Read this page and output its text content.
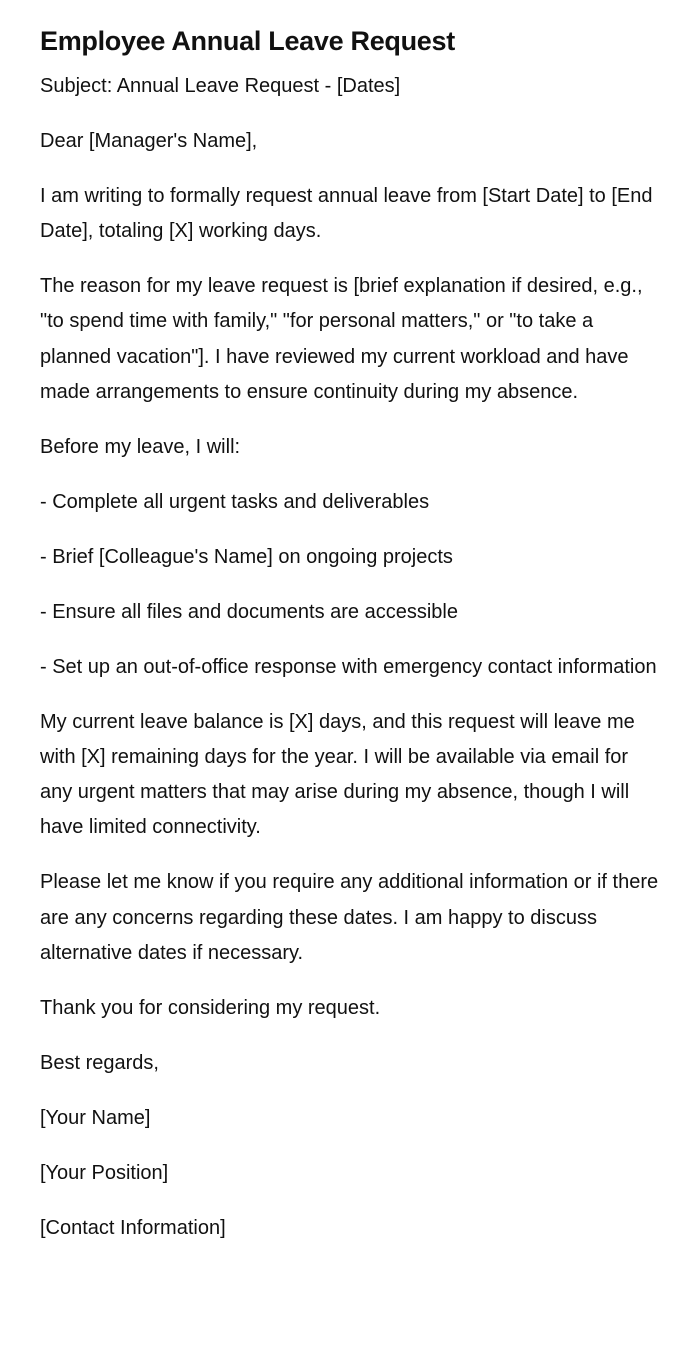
Employee Annual Leave Request
Subject: Annual Leave Request - [Dates]
Dear [Manager's Name],
I am writing to formally request annual leave from [Start Date] to [End Date], totaling [X] working days.
The reason for my leave request is [brief explanation if desired, e.g., "to spend time with family," "for personal matters," or "to take a planned vacation"]. I have reviewed my current workload and have made arrangements to ensure continuity during my absence.
Before my leave, I will:
- Complete all urgent tasks and deliverables
- Brief [Colleague's Name] on ongoing projects
- Ensure all files and documents are accessible
- Set up an out-of-office response with emergency contact information
My current leave balance is [X] days, and this request will leave me with [X] remaining days for the year. I will be available via email for any urgent matters that may arise during my absence, though I will have limited connectivity.
Please let me know if you require any additional information or if there are any concerns regarding these dates. I am happy to discuss alternative dates if necessary.
Thank you for considering my request.
Best regards,
[Your Name]
[Your Position]
[Contact Information]
